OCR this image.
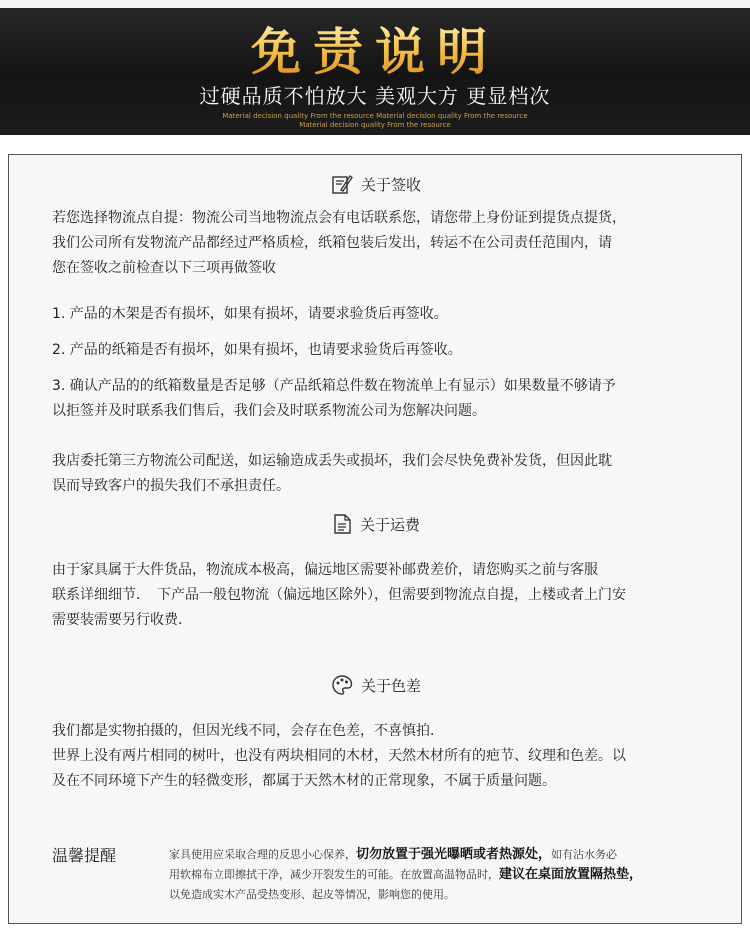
免责说明
过硬品质不怕放大 美观大方 更显档次
Material decision quality From the resource Material decision quality From the resource
Material decision quality From the resource
关于签收
若您选择物流点自提：物流公司当地物流点会有电话联系您，请您带上身份证到提货点提货，
我们公司所有发物流产品都经过严格质检，纸箱包装后发出，转运不在公司责任范围内，请
您在签收之前检查以下三项再做签收
1. 产品的木架是否有损坏，如果有损坏，请要求验货后再签收。
2. 产品的纸箱是否有损坏，如果有损坏，也请要求验货后再签收。
3. 确认产品的的纸箱数量是否足够（产品纸箱总件数在物流单上有显示）如果数量不够请予
以拒签并及时联系我们售后，我们会及时联系物流公司为您解决问题。
我店委托第三方物流公司配送，如运输造成丢失或损坏，我们会尽快免费补发货，但因此耽
误而导致客户的损失我们不承担责任。
关于运费
由于家具属于大件货品，物流成本极高，偏远地区需要补邮费差价，请您购买之前与客服
联系详细细节．　下产品一般包物流（偏远地区除外），但需要到物流点自提，上楼或者上门安
需要装需要另行收费．
关于色差
我们都是实物拍摄的，但因光线不同，会存在色差，不喜慎拍．
世界上没有两片相同的树叶，也没有两块相同的木材，天然木材所有的疤节、纹理和色差。以
及在不同环境下产生的轻微变形，都属于天然木材的正常现象，不属于质量问题。
温馨提醒	家具使用应采取合理的反思小心保养，切勿放置于强光曝晒或者热源处，如有沾水务必
用软棉布立即擦拭干净，减少开裂发生的可能。在放置高温物品时，建议在桌面放置隔热垫，
以免造成实木产品受热变形、起皮等情况，影响您的使用。
